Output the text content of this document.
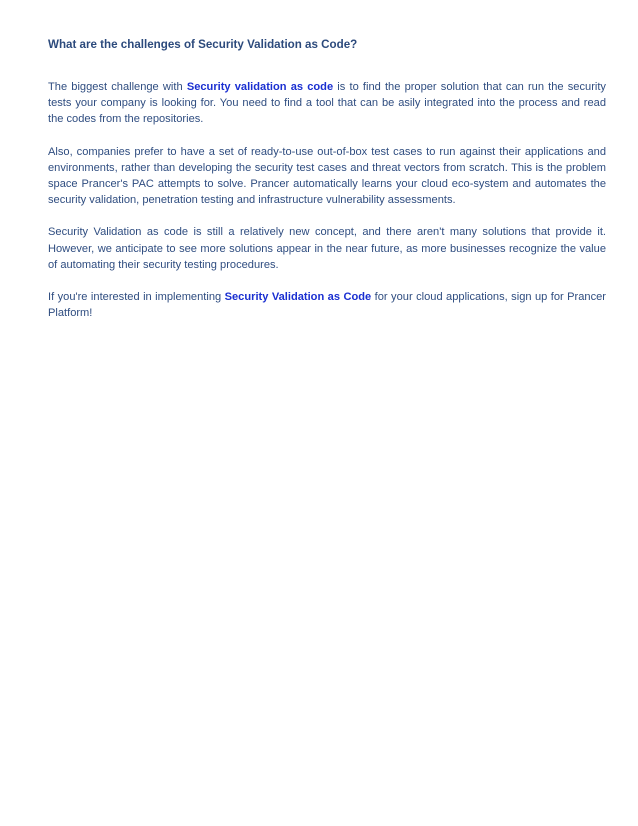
What are the challenges of Security Validation as Code?

The biggest challenge with Security validation as code is to find the proper solution that can run the security tests your company is looking for. You need to find a tool that can be asily integrated into the process and read the codes from the repositories.

Also, companies prefer to have a set of ready-to-use out-of-box test cases to run against their applications and environments, rather than developing the security test cases and threat vectors from scratch. This is the problem space Prancer's PAC attempts to solve. Prancer automatically learns your cloud eco-system and automates the security validation, penetration testing and infrastructure vulnerability assessments.

Security Validation as code is still a relatively new concept, and there aren't many solutions that provide it. However, we anticipate to see more solutions appear in the near future, as more businesses recognize the value of automating their security testing procedures.

If you're interested in implementing Security Validation as Code for your cloud applications, sign up for Prancer Platform!
